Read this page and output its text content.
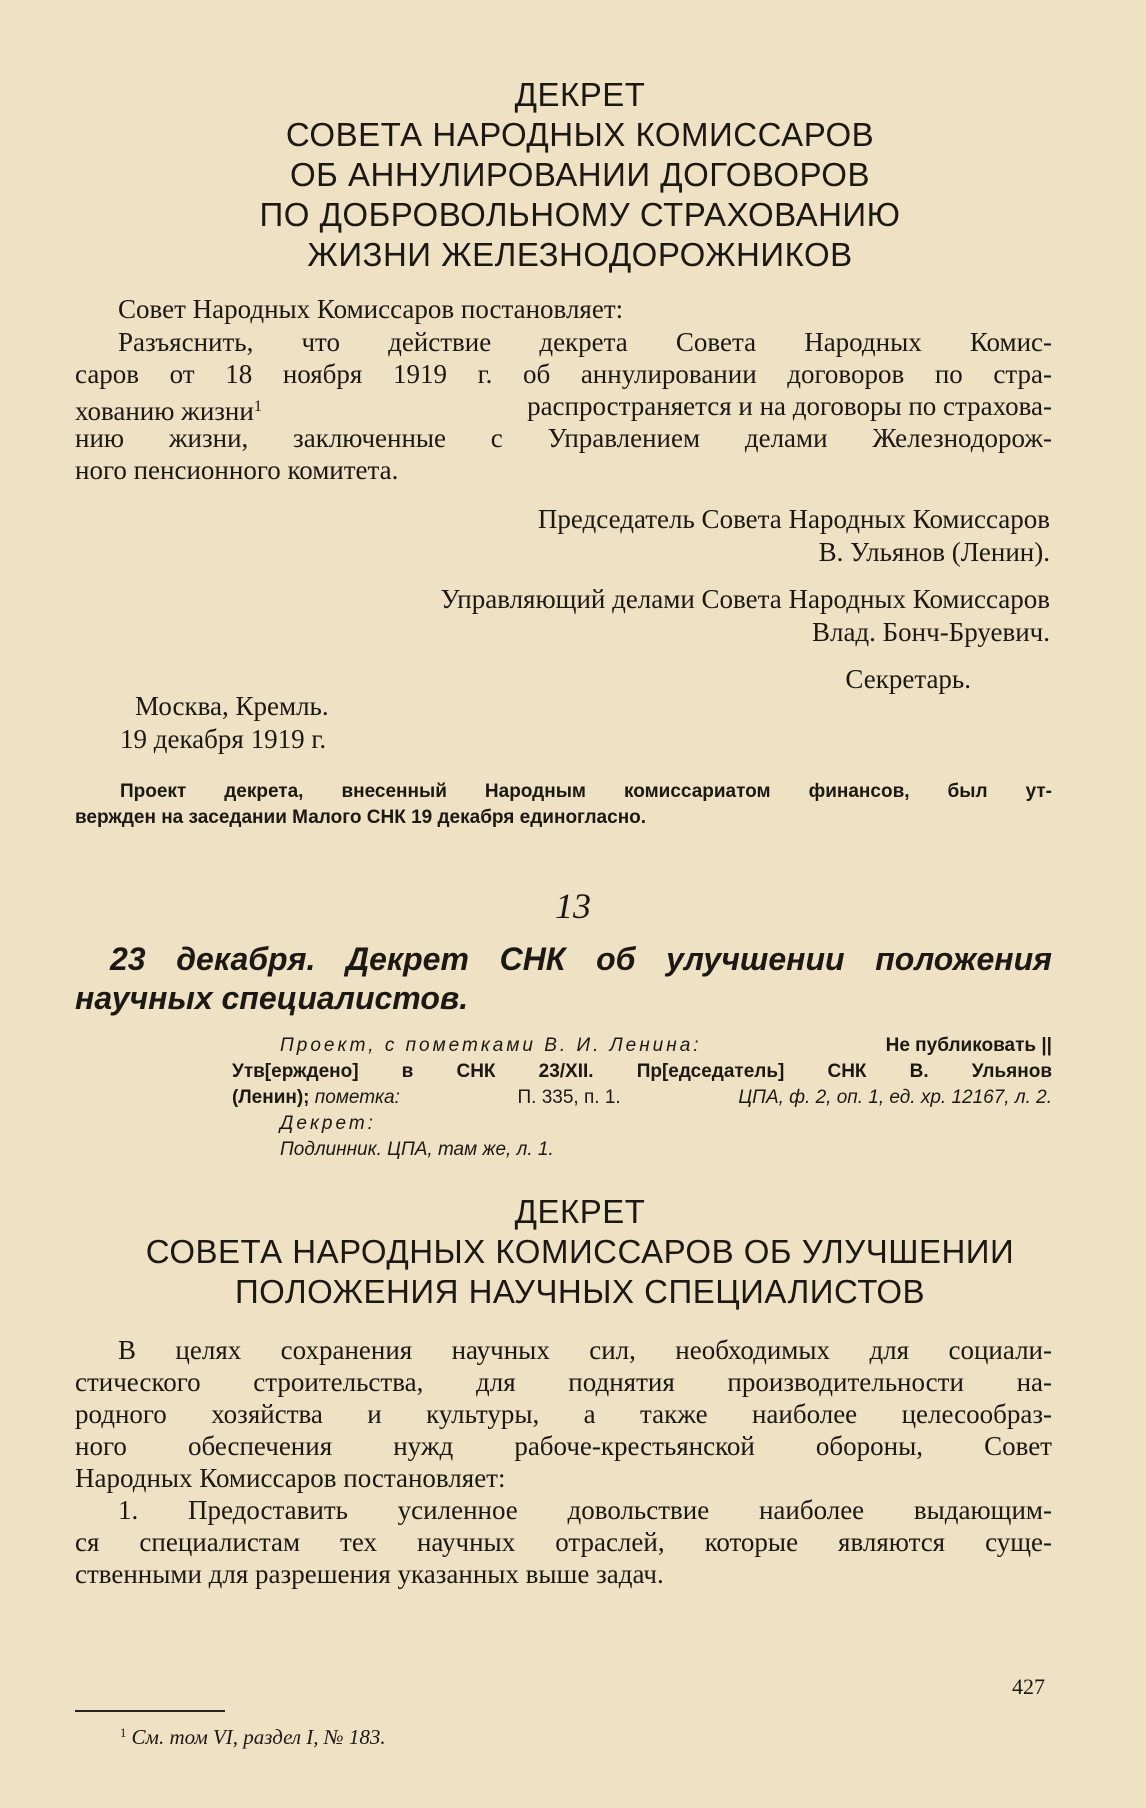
ДЕКРЕТ
СОВЕТА НАРОДНЫХ КОМИССАРОВ
ОБ АННУЛИРОВАНИИ ДОГОВОРОВ
ПО ДОБРОВОЛЬНОМУ СТРАХОВАНИЮ
ЖИЗНИ ЖЕЛЕЗНОДОРОЖНИКОВ
Совет Народных Комиссаров постановляет:
Разъяснить, что действие декрета Совета Народных Комис-
саров от 18 ноября 1919 г. об аннулировании договоров по стра-
хованию жизни$^1$	распространяется и на договоры по страхова-
нию жизни, заключенные с Управлением делами Железнодорож-
ного пенсионного комитета.
Председатель Совета Народных Комиссаров
В. Ульянов (Ленин).
Управляющий делами Совета Народных Комиссаров
Влад. Бонч-Бруевич.
Секретарь.
Москва, Кремль.
19 декабря 1919 г.
Проект декрета, внесенный Народным комиссариатом финансов, был ут-
вержден на заседании Малого СНК 19 декабря единогласно.
13
23 декабря. Декрет СНК об улучшении положения
научных специалистов.
Проект, с пометками В. И. Ленина:	Не публиковать ||
Утв[ерждено] в СНК 23/XII. Пр[едседатель] СНК В. Ульянов
(Ленин); пометка:	П. 335, п. 1.	ЦПА, ф. 2, оп. 1, ед. хр. 12167, л. 2.
Декрет:
Подлинник. ЦПА, там же, л. 1.
ДЕКРЕТ
СОВЕТА НАРОДНЫХ КОМИССАРОВ ОБ УЛУЧШЕНИИ
ПОЛОЖЕНИЯ НАУЧНЫХ СПЕЦИАЛИСТОВ
В целях сохранения научных сил, необходимых для социали-
стического строительства, для поднятия производительности на-
родного хозяйства и культуры, а также наиболее целесообраз-
ного обеспечения нужд рабоче-крестьянской обороны, Совет
Народных Комиссаров постановляет:
1. Предоставить усиленное довольствие наиболее выдающим-
ся специалистам тех научных отраслей, которые являются суще-
ственными для разрешения указанных выше задач.
$^1$ См. том VI, раздел I, № 183.
427
